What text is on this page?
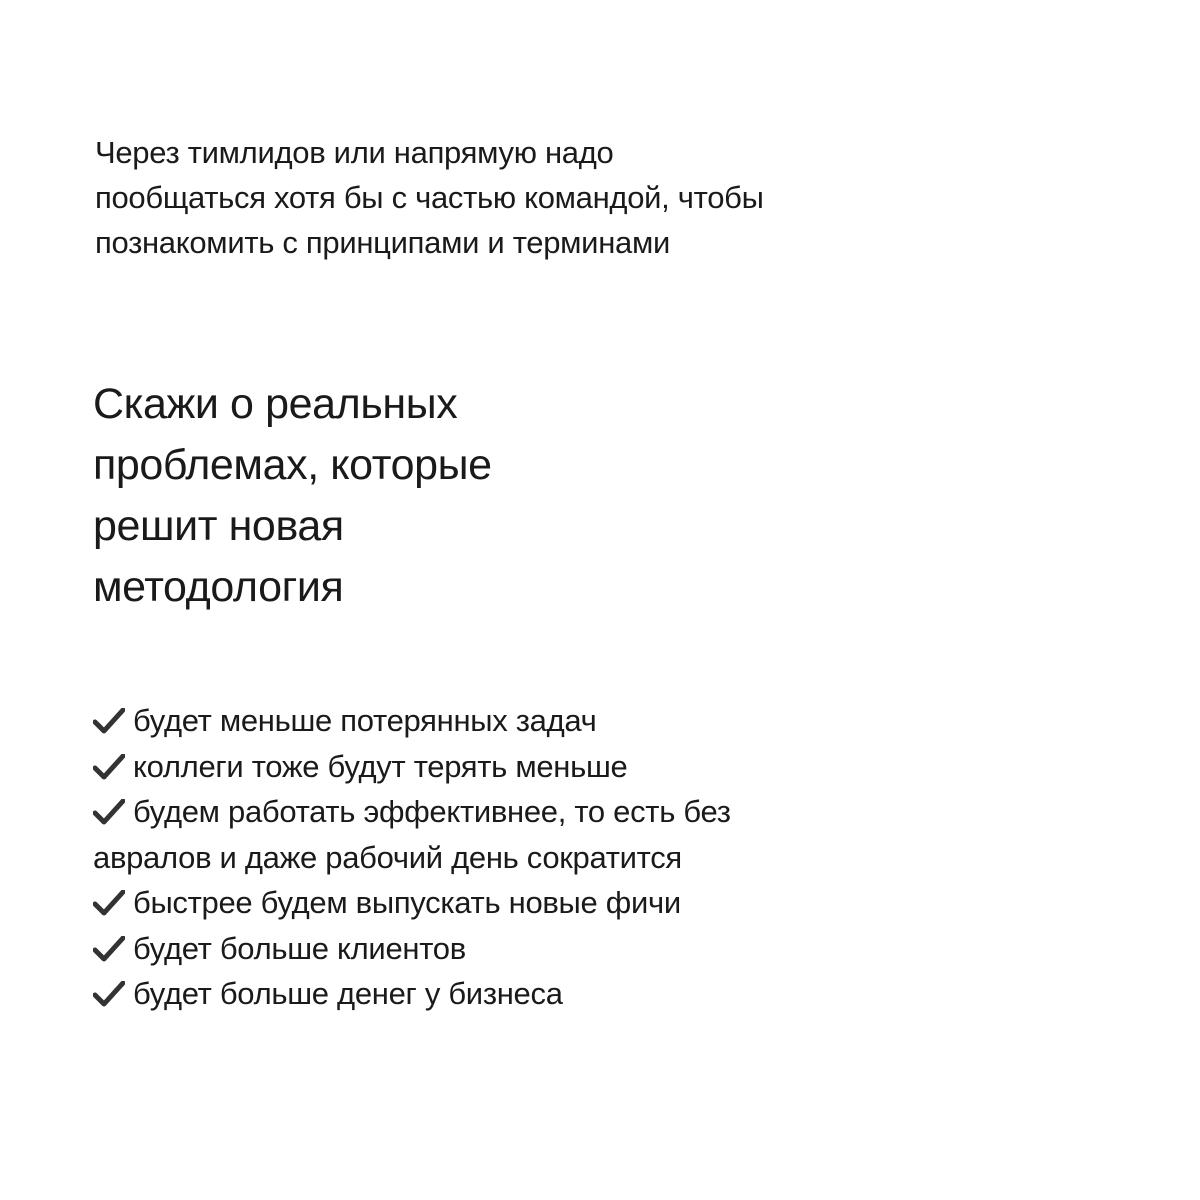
Через тимлидов или напрямую надо
пообщаться хотя бы с частью командой, чтобы
познакомить с принципами и терминами

Скажи о реальных
проблемах, которые
решит новая
методология
будет меньше потерянных задач
коллеги тоже будут терять меньше
будем работать эффективнее, то есть без
авралов и даже рабочий день сократится
быстрее будем выпускать новые фичи
будет больше клиентов
будет больше денег у бизнеса
